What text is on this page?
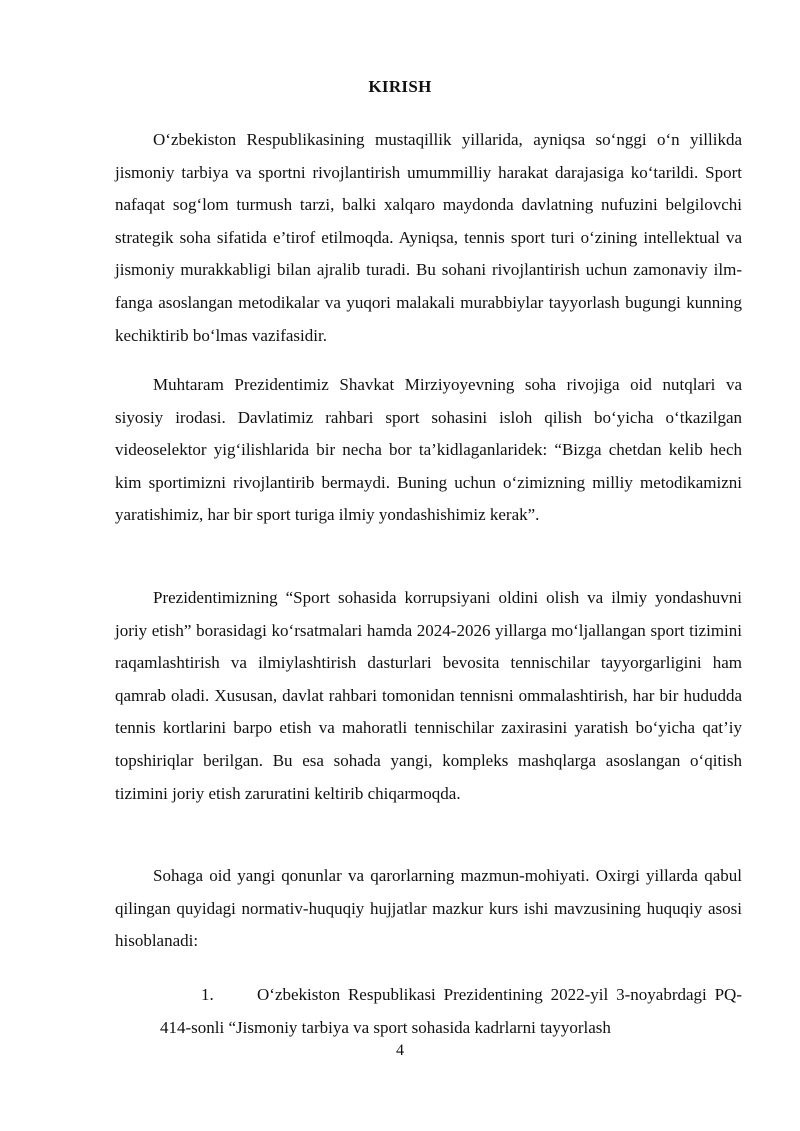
KIRISH

O‘zbekiston Respublikasining mustaqillik yillarida, ayniqsa so‘nggi o‘n yillikda jismoniy tarbiya va sportni rivojlantirish umummilliy harakat darajasiga ko‘tarildi. Sport nafaqat sog‘lom turmush tarzi, balki xalqaro maydonda davlatning nufuzini belgilovchi strategik soha sifatida e’tirof etilmoqda. Ayniqsa, tennis sport turi o‘zining intellektual va jismoniy murakkabligi bilan ajralib turadi. Bu sohani rivojlantirish uchun zamonaviy ilm-fanga asoslangan metodikalar va yuqori malakali murabbiylar tayyorlash bugungi kunning kechiktirib bo‘lmas vazifasidir.

Muhtaram Prezidentimiz Shavkat Mirziyoyevning soha rivojiga oid nutqlari va siyosiy irodasi. Davlatimiz rahbari sport sohasini isloh qilish bo‘yicha o‘tkazilgan videoselektor yig‘ilishlarida bir necha bor ta’kidlaganlaridek: “Bizga chetdan kelib hech kim sportimizni rivojlantirib bermaydi. Buning uchun o‘zimizning milliy metodikamizni yaratishimiz, har bir sport turiga ilmiy yondashishimiz kerak”.

Prezidentimizning “Sport sohasida korrupsiyani oldini olish va ilmiy yondashuvni joriy etish” borasidagi ko‘rsatmalari hamda 2024-2026 yillarga mo‘ljallangan sport tizimini raqamlashtirish va ilmiylashtirish dasturlari bevosita tennischilar tayyorgarligini ham qamrab oladi. Xususan, davlat rahbari tomonidan tennisni ommalashtirish, har bir hududda tennis kortlarini barpo etish va mahoratli tennischilar zaxirasini yaratish bo‘yicha qat’iy topshiriqlar berilgan. Bu esa sohada yangi, kompleks mashqlarga asoslangan o‘qitish tizimini joriy etish zaruratini keltirib chiqarmoqda.

Sohaga oid yangi qonunlar va qarorlarning mazmun-mohiyati. Oxirgi yillarda qabul qilingan quyidagi normativ-huquqiy hujjatlar mazkur kurs ishi mavzusining huquqiy asosi hisoblanadi:

1.	O‘zbekiston Respublikasi Prezidentining 2022-yil 3-noyabrdagi PQ-414-sonli “Jismoniy tarbiya va sport sohasida kadrlarni tayyorlash

4
